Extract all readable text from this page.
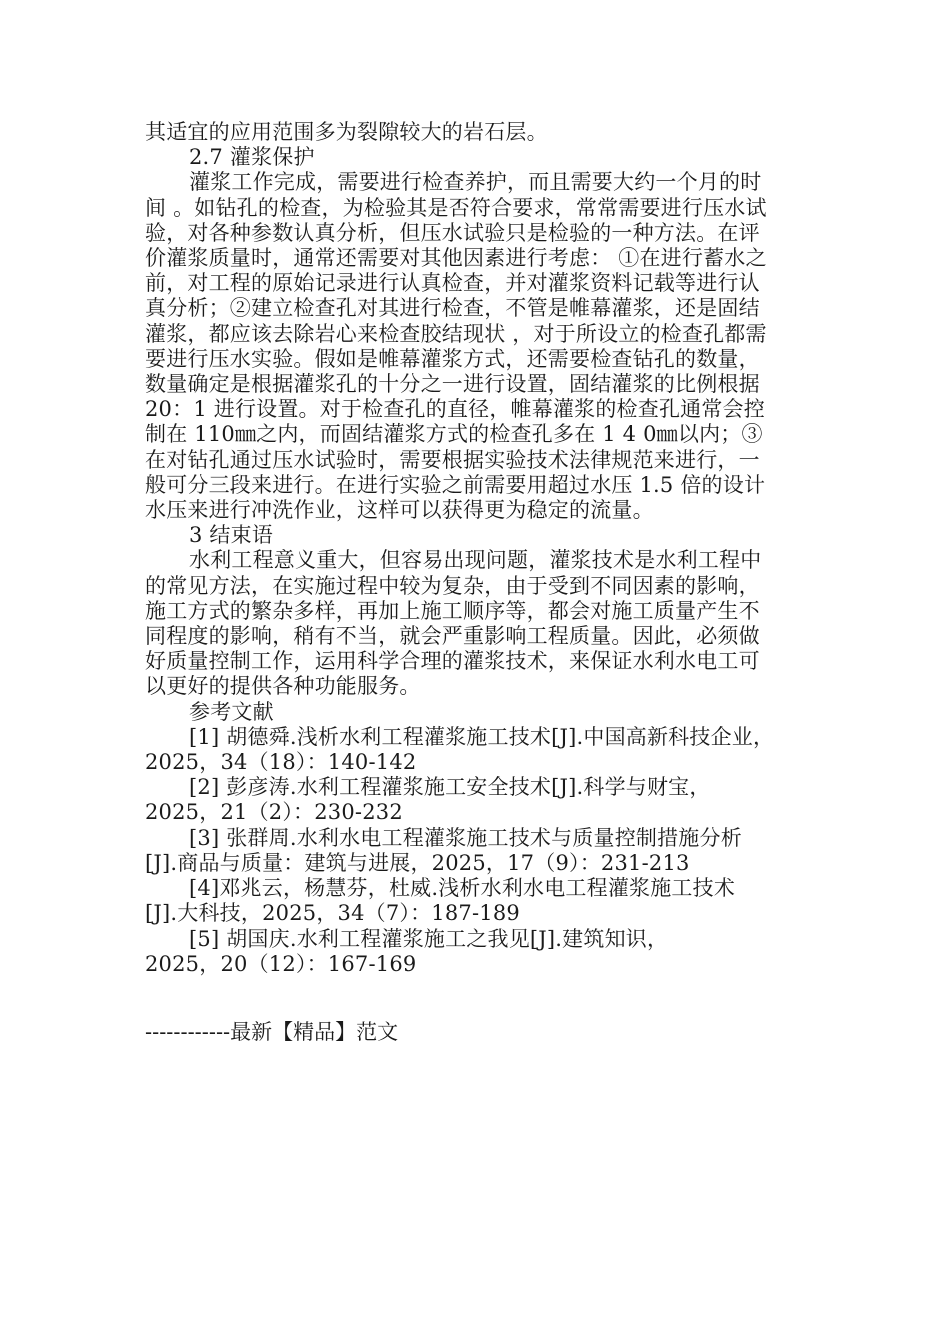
其适宜的应用范围多为裂隙较大的岩石层。
2.7 灌浆保护
灌浆工作完成，需要进行检查养护，而且需要大约一个月的时
间 。如钻孔的检查，为检验其是否符合要求，常常需要进行压水试
验，对各种参数认真分析，但压水试验只是检验的一种方法。在评
价灌浆质量时，通常还需要对其他因素进行考虑： ①在进行蓄水之
前，对工程的原始记录进行认真检查，并对灌浆资料记载等进行认
真分析；②建立检查孔对其进行检查，不管是帷幕灌浆，还是固结
灌浆，都应该去除岩心来检查胶结现状 ，对于所设立的检查孔都需
要进行压水实验。假如是帷幕灌浆方式，还需要检查钻孔的数量，
数量确定是根据灌浆孔的十分之一进行设置，固结灌浆的比例根据
20：1 进行设置。对于检查孔的直径，帷幕灌浆的检查孔通常会控
制在 110㎜之内，而固结灌浆方式的检查孔多在 1 4 0㎜以内；③
在对钻孔通过压水试验时，需要根据实验技术法律规范来进行，一
般可分三段来进行。在进行实验之前需要用超过水压 1.5 倍的设计
水压来进行冲洗作业，这样可以获得更为稳定的流量。
3 结束语
水利工程意义重大，但容易出现问题，灌浆技术是水利工程中
的常见方法，在实施过程中较为复杂，由于受到不同因素的影响，
施工方式的繁杂多样，再加上施工顺序等，都会对施工质量产生不
同程度的影响，稍有不当，就会严重影响工程质量。因此，必须做
好质量控制工作，运用科学合理的灌浆技术，来保证水利水电工可
以更好的提供各种功能服务。
参考文献
[1] 胡德舜.浅析水利工程灌浆施工技术[J].中国高新科技企业，
2025，34（18）：140-142
[2] 彭彦涛.水利工程灌浆施工安全技术[J].科学与财宝，
2025，21（2）：230-232
[3] 张群周.水利水电工程灌浆施工技术与质量控制措施分析
[J].商品与质量：建筑与进展，2025，17（9）：231-213
[4]邓兆云，杨慧芬，杜威.浅析水利水电工程灌浆施工技术
[J].大科技，2025，34（7）：187-189
[5] 胡国庆.水利工程灌浆施工之我见[J].建筑知识，
2025，20（12）：167-169
------------最新【精品】范文
